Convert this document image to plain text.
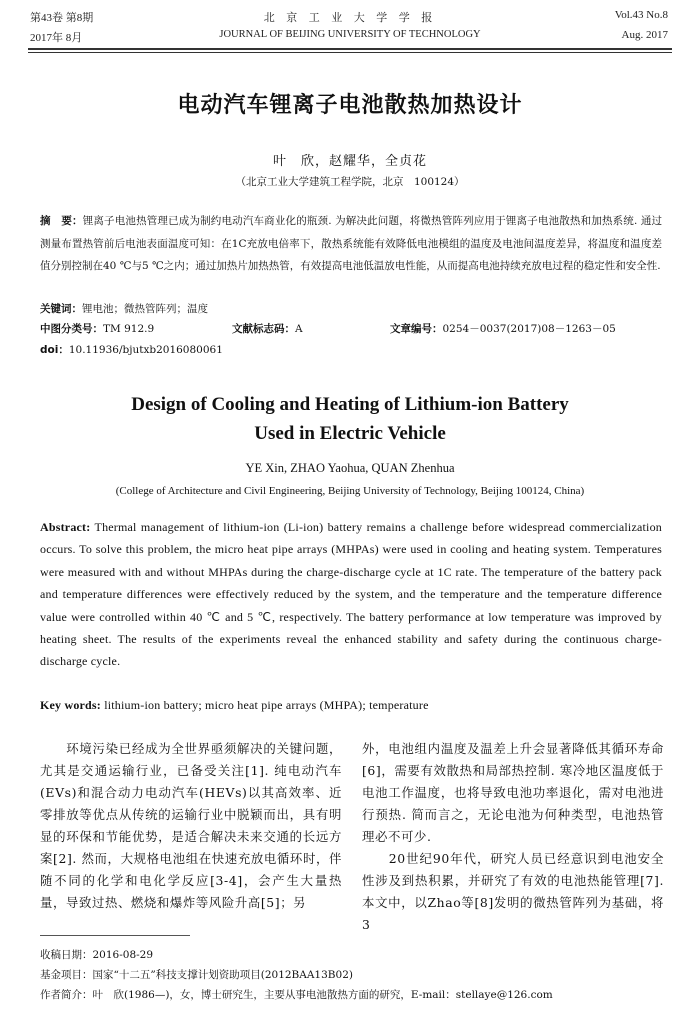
第43卷 第8期
2017年 8月
北 京 工 业 大 学 学 报
JOURNAL OF BEIJING UNIVERSITY OF TECHNOLOGY
Vol.43 No.8
Aug. 2017
电动汽车锂离子电池散热加热设计
叶　欣，赵耀华，全贞花
（北京工业大学建筑工程学院，北京　100124）
摘　要：锂离子电池热管理已成为制约电动汽车商业化的瓶颈. 为解决此问题，将微热管阵列应用于锂离子电池散热和加热系统. 通过测量布置热管前后电池表面温度可知：在1C充放电倍率下，散热系统能有效降低电池模组的温度及电池间温度差异，将温度和温度差值分别控制在40 ℃与5 ℃之内；通过加热片加热热管，有效提高电池低温放电性能，从而提高电池持续充放电过程的稳定性和安全性.
关键词：锂电池；微热管阵列；温度
中图分类号：TM 912.9	文献标志码：A	文章编号：0254－0037(2017)08－1263－05
doi：10.11936/bjutxb2016080061
Design of Cooling and Heating of Lithium-ion Battery
Used in Electric Vehicle
YE Xin, ZHAO Yaohua, QUAN Zhenhua
(College of Architecture and Civil Engineering, Beijing University of Technology, Beijing 100124, China)
Abstract: Thermal management of lithium-ion (Li-ion) battery remains a challenge before widespread commercialization occurs. To solve this problem, the micro heat pipe arrays (MHPAs) were used in cooling and heating system. Temperatures were measured with and without MHPAs during the charge-discharge cycle at 1C rate. The temperature of the battery pack and temperature differences were effectively reduced by the system, and the temperature and the temperature difference value were controlled within 40 ℃ and 5 ℃, respectively. The battery performance at low temperature was improved by heating sheet. The results of the experiments reveal the enhanced stability and safety during the continuous charge-discharge cycle.
Key words: lithium-ion battery; micro heat pipe arrays (MHPA); temperature
　　环境污染已经成为全世界亟须解决的关键问题，尤其是交通运输行业，已备受关注[1]. 纯电动汽车(EVs)和混合动力电动汽车(HEVs)以其高效率、近零排放等优点从传统的运输行业中脱颖而出，具有明显的环保和节能优势，是适合解决未来交通的长远方案[2]. 然而，大规格电池组在快速充放电循环时，伴随不同的化学和电化学反应[3-4]，会产生大量热量，导致过热、燃烧和爆炸等风险升高[5]；另
外，电池组内温度及温差上升会显著降低其循环寿命[6]，需要有效散热和局部热控制. 寒冷地区温度低于电池工作温度，也将导致电池功率退化，需对电池进行预热. 简而言之，无论电池为何种类型，电池热管理必不可少.
　　20世纪90年代，研究人员已经意识到电池安全性涉及到热积累，并研究了有效的电池热能管理[7]. 本文中，以Zhao等[8]发明的微热管阵列为基础，将3
收稿日期：2016-08-29
基金项目：国家“十二五”科技支撑计划资助项目(2012BAA13B02)
作者简介：叶　欣(1986—)，女，博士研究生，主要从事电池散热方面的研究，E-mail：stellaye@126.com
